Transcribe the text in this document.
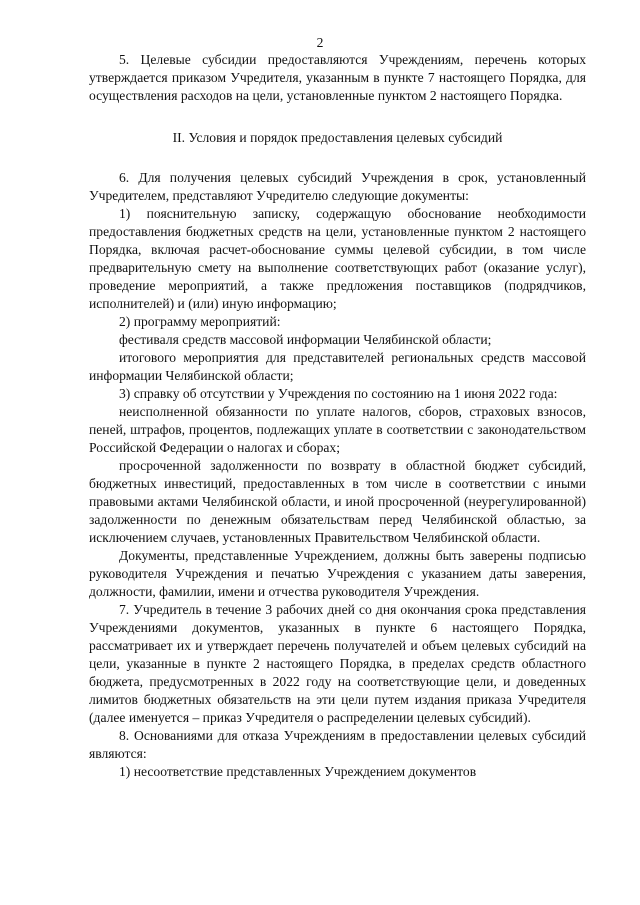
2

5. Целевые субсидии предоставляются Учреждениям, перечень которых утверждается приказом Учредителя, указанным в пункте 7 настоящего Порядка, для осуществления расходов на цели, установленные пунктом 2 настоящего Порядка.

II. Условия и порядок предоставления целевых субсидий

6. Для получения целевых субсидий Учреждения в срок, установленный Учредителем, представляют Учредителю следующие документы:

1) пояснительную записку, содержащую обоснование необходимости предоставления бюджетных средств на цели, установленные пунктом 2 настоящего Порядка, включая расчет-обоснование суммы целевой субсидии, в том числе предварительную смету на выполнение соответствующих работ (оказание услуг), проведение мероприятий, а также предложения поставщиков (подрядчиков, исполнителей) и (или) иную информацию;

2) программу мероприятий:

фестиваля средств массовой информации Челябинской области;

итогового мероприятия для представителей региональных средств массовой информации Челябинской области;

3) справку об отсутствии у Учреждения по состоянию на 1 июня 2022 года:

неисполненной обязанности по уплате налогов, сборов, страховых взносов, пеней, штрафов, процентов, подлежащих уплате в соответствии с законодательством Российской Федерации о налогах и сборах;

просроченной задолженности по возврату в областной бюджет субсидий, бюджетных инвестиций, предоставленных в том числе в соответствии с иными правовыми актами Челябинской области, и иной просроченной (неурегулированной) задолженности по денежным обязательствам перед Челябинской областью, за исключением случаев, установленных Правительством Челябинской области.

Документы, представленные Учреждением, должны быть заверены подписью руководителя Учреждения и печатью Учреждения с указанием даты заверения, должности, фамилии, имени и отчества руководителя Учреждения.

7. Учредитель в течение 3 рабочих дней со дня окончания срока представления Учреждениями документов, указанных в пункте 6 настоящего Порядка, рассматривает их и утверждает перечень получателей и объем целевых субсидий на цели, указанные в пункте 2 настоящего Порядка, в пределах средств областного бюджета, предусмотренных в 2022 году на соответствующие цели, и доведенных лимитов бюджетных обязательств на эти цели путем издания приказа Учредителя (далее именуется – приказ Учредителя о распределении целевых субсидий).

8. Основаниями для отказа Учреждениям в предоставлении целевых субсидий являются:

1) несоответствие представленных Учреждением документов
